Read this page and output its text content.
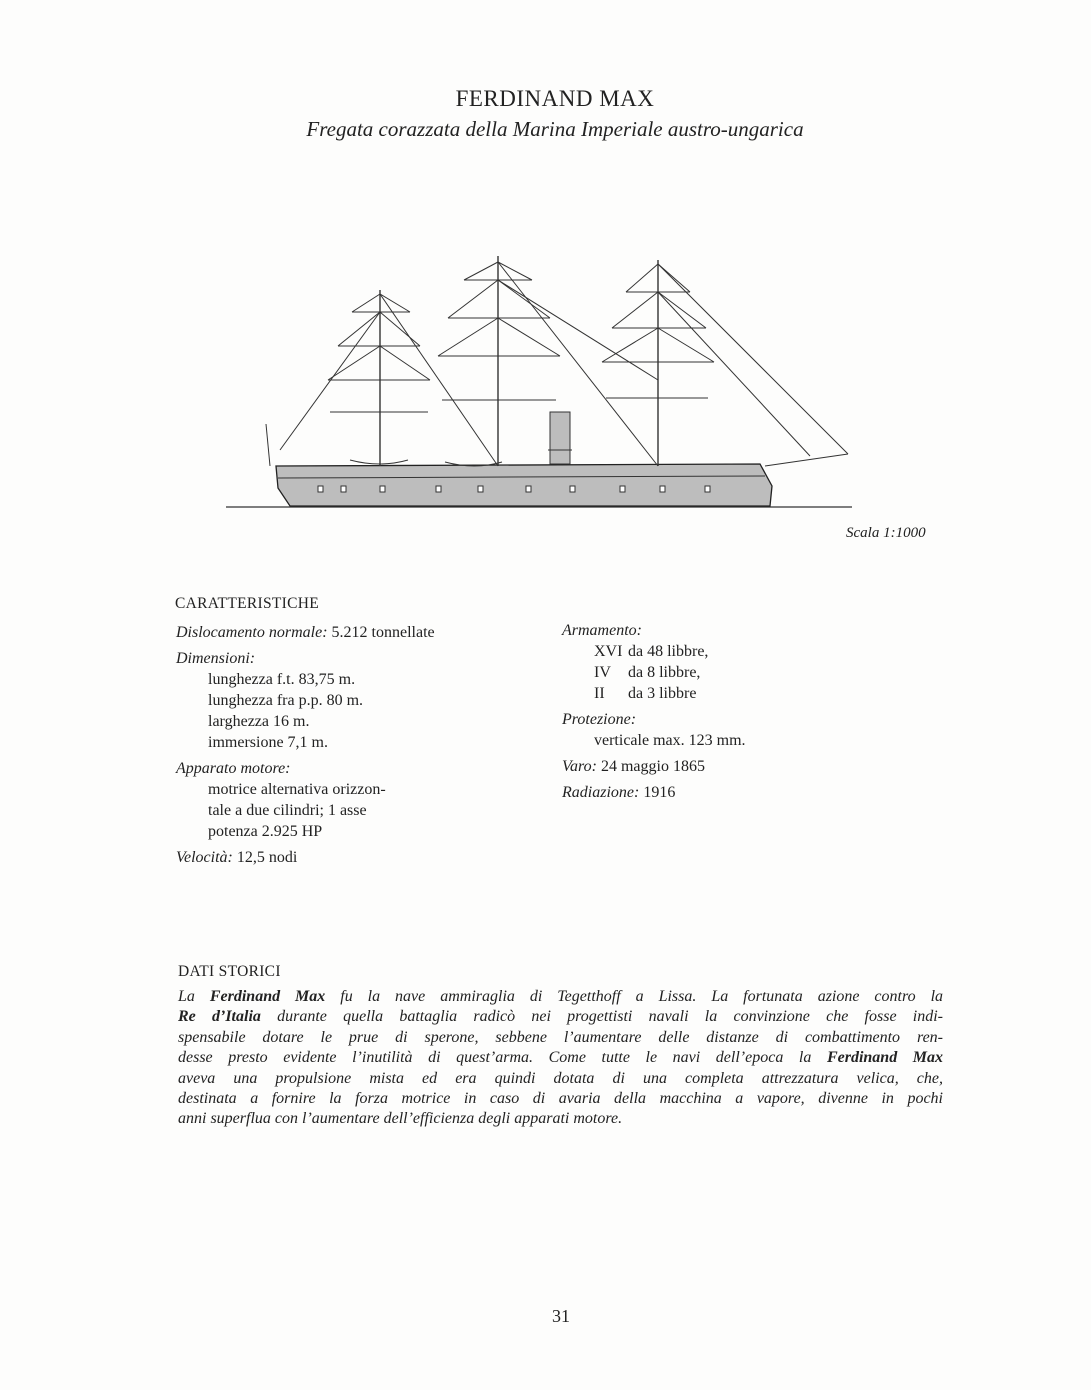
FERDINAND MAX
Fregata corazzata della Marina Imperiale austro-ungarica
Scala 1:1000
CARATTERISTICHE
Dislocamento normale: 5.212 tonnellate
Dimensioni:
lunghezza f.t. 83,75 m.
lunghezza fra p.p. 80 m.
larghezza 16 m.
immersione 7,1 m.
Apparato motore:
motrice alternativa orizzon-
tale a due cilindri; 1 asse
potenza 2.925 HP
Velocità: 12,5 nodi
Armamento:
XVI da 48 libbre,
IV da 8 libbre,
II da 3 libbre
Protezione:
verticale max. 123 mm.
Varo: 24 maggio 1865
Radiazione: 1916
DATI STORICI
La Ferdinand Max fu la nave ammiraglia di Tegetthoff a Lissa. La fortunata azione contro la
Re d’Italia durante quella battaglia radicò nei progettisti navali la convinzione che fosse indi-
spensabile dotare le prue di sperone, sebbene l’aumentare delle distanze di combattimento ren-
desse presto evidente l’inutilità di quest’arma. Come tutte le navi dell’epoca la Ferdinand Max
aveva una propulsione mista ed era quindi dotata di una completa attrezzatura velica, che,
destinata a fornire la forza motrice in caso di avaria della macchina a vapore, divenne in pochi
anni superflua con l’aumentare dell’efficienza degli apparati motore.
31
